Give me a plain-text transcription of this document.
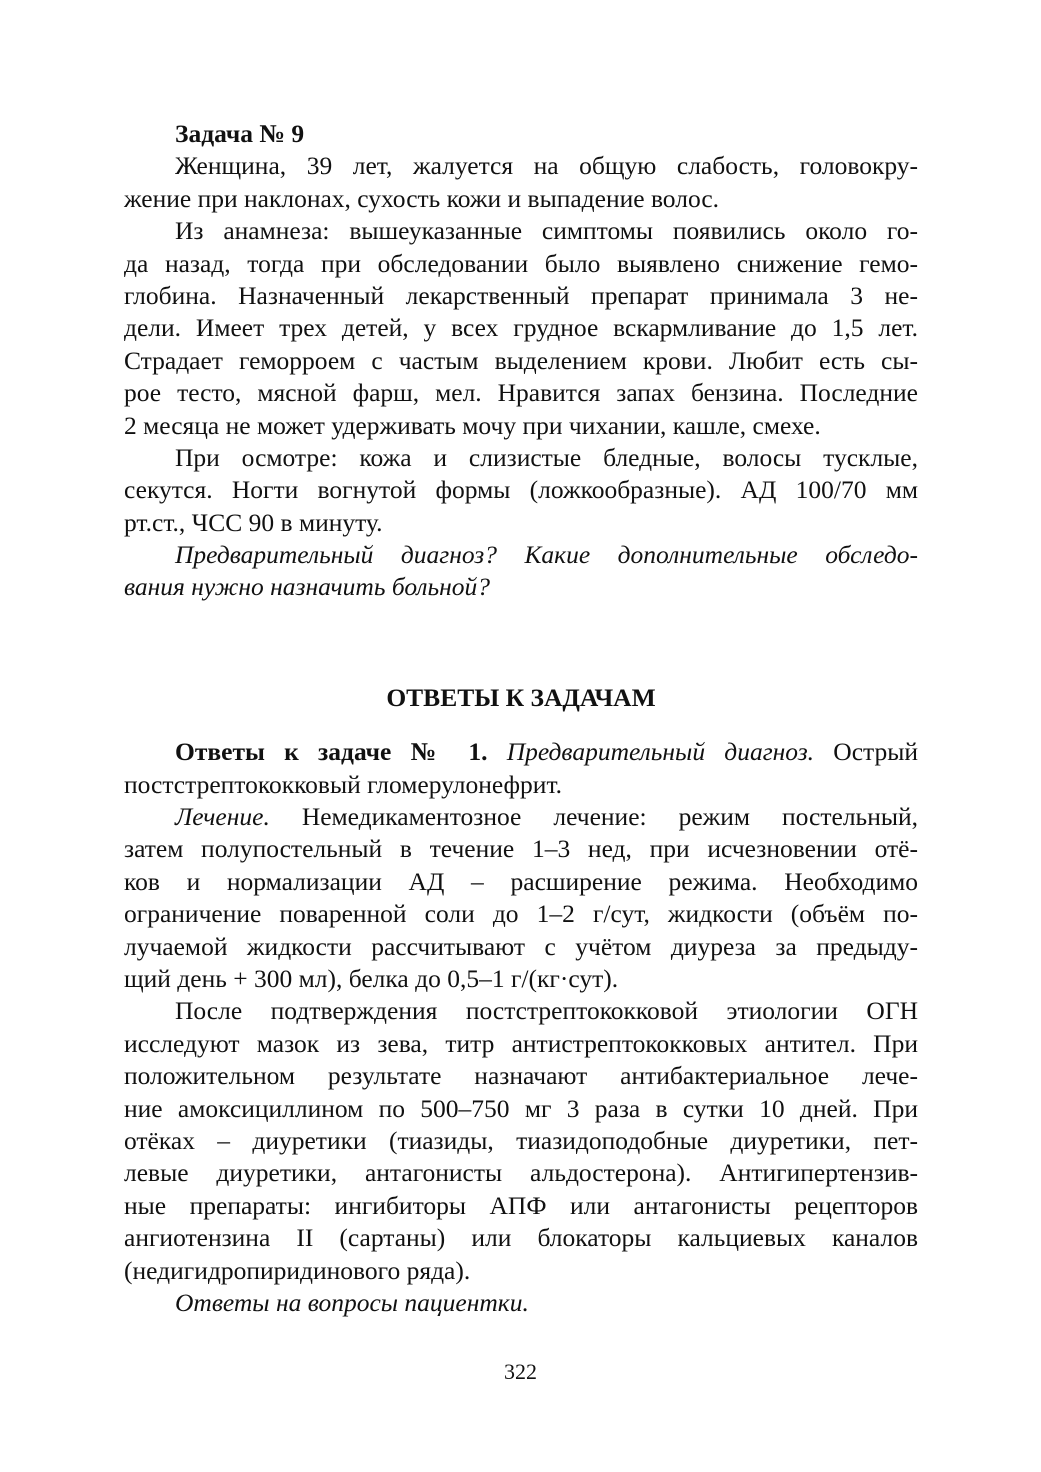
Задача № 9
Женщина, 39 лет, жалуется на общую слабость, головокру-
жение при наклонах, сухость кожи и выпадение волос.
Из анамнеза: вышеуказанные симптомы появились около го-
да назад, тогда при обследовании было выявлено снижение гемо-
глобина. Назначенный лекарственный препарат принимала 3 не-
дели. Имеет трех детей, у всех грудное вскармливание до 1,5 лет.
Страдает геморроем с частым выделением крови. Любит есть сы-
рое тесто, мясной фарш, мел. Нравится запах бензина. Последние
2 месяца не может удерживать мочу при чихании, кашле, смехе.
При осмотре: кожа и слизистые бледные, волосы тусклые,
секутся. Ногти вогнутой формы (ложкообразные). АД 100/70 мм
рт.ст., ЧСС 90 в минуту.
Предварительный диагноз? Какие дополнительные обследо-
вания нужно назначить больной?
ОТВЕТЫ К ЗАДАЧАМ
Ответы к задаче № 1. Предварительный диагноз. Острый
постстрептококковый гломерулонефрит.
Лечение. Немедикаментозное лечение: режим постельный,
затем полупостельный в течение 1–3 нед, при исчезновении отё-
ков и нормализации АД – расширение режима. Необходимо
ограничение поваренной соли до 1–2 г/сут, жидкости (объём по-
лучаемой жидкости рассчитывают с учётом диуреза за предыду-
щий день + 300 мл), белка до 0,5–1 г/(кг·сут).
После подтверждения постстрептококковой этиологии ОГН
исследуют мазок из зева, титр антистрептококковых антител. При
положительном результате назначают антибактериальное лече-
ние амоксициллином по 500–750 мг 3 раза в сутки 10 дней. При
отёках – диуретики (тиазиды, тиазидоподобные диуретики, пет-
левые диуретики, антагонисты альдостерона). Антигипертензив-
ные препараты: ингибиторы АПФ или антагонисты рецепторов
ангиотензина II (сартаны) или блокаторы кальциевых каналов
(недигидропиридинового ряда).
Ответы на вопросы пациентки.
322
